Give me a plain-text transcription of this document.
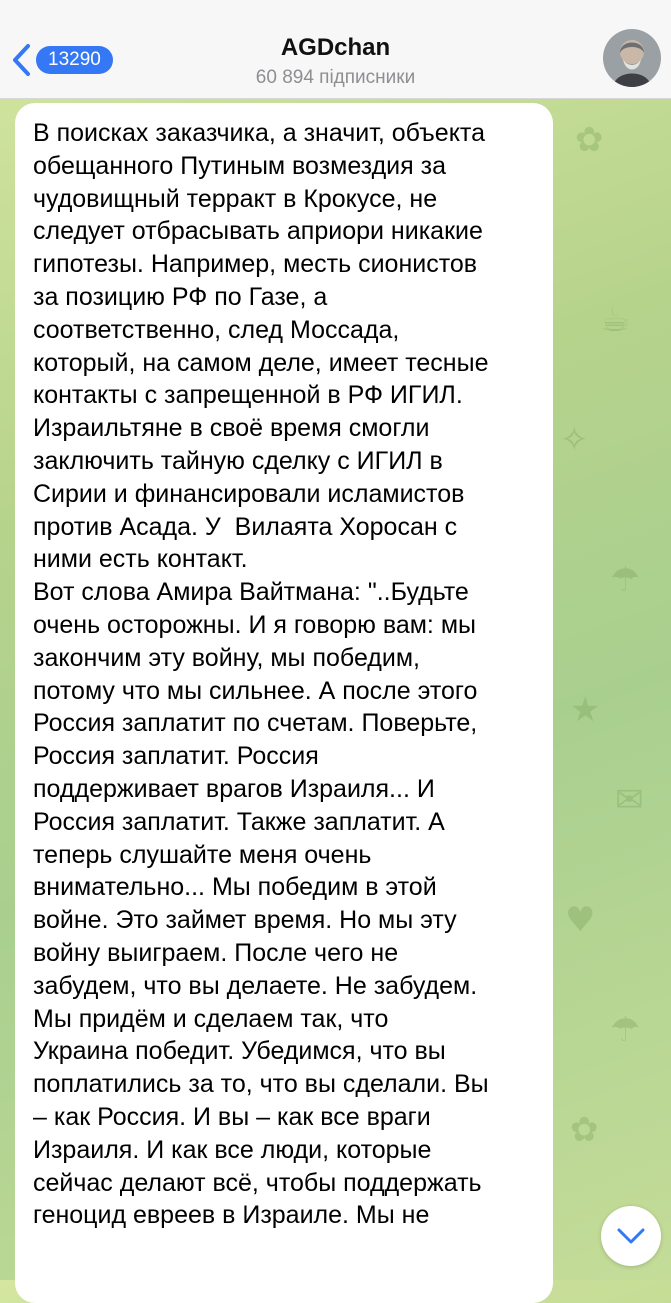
✿
☕
✧
☂
★
✉
♥
☂
✿
13290	AGDchan
60 894 підписники
В поисках заказчика, а значит, объекта
обещанного Путиным возмездия за
чудовищный терракт в Крокусе, не
следует отбрасывать априори никакие
гипотезы. Например, месть сионистов
за позицию РФ по Газе, а
соответственно, след Моссада,
который, на самом деле, имеет тесные
контакты с запрещенной в РФ ИГИЛ.
Израильтяне в своё время смогли
заключить тайную сделку с ИГИЛ в
Сирии и финансировали исламистов
против Асада. У  Вилаята Хоросан с
ними есть контакт.
Вот слова Амира Вайтмана: "..Будьте
очень осторожны. И я говорю вам: мы
закончим эту войну, мы победим,
потому что мы сильнее. А после этого
Россия заплатит по счетам. Поверьте,
Россия заплатит. Россия
поддерживает врагов Израиля... И
Россия заплатит. Также заплатит. А
теперь слушайте меня очень
внимательно... Мы победим в этой
войне. Это займет время. Но мы эту
войну выиграем. После чего не
забудем, что вы делаете. Не забудем.
Мы придём и сделаем так, что
Украина победит. Убедимся, что вы
поплатились за то, что вы сделали. Вы
– как Россия. И вы – как все враги
Израиля. И как все люди, которые
сейчас делают всё, чтобы поддержать
геноцид евреев в Израиле. Мы не
